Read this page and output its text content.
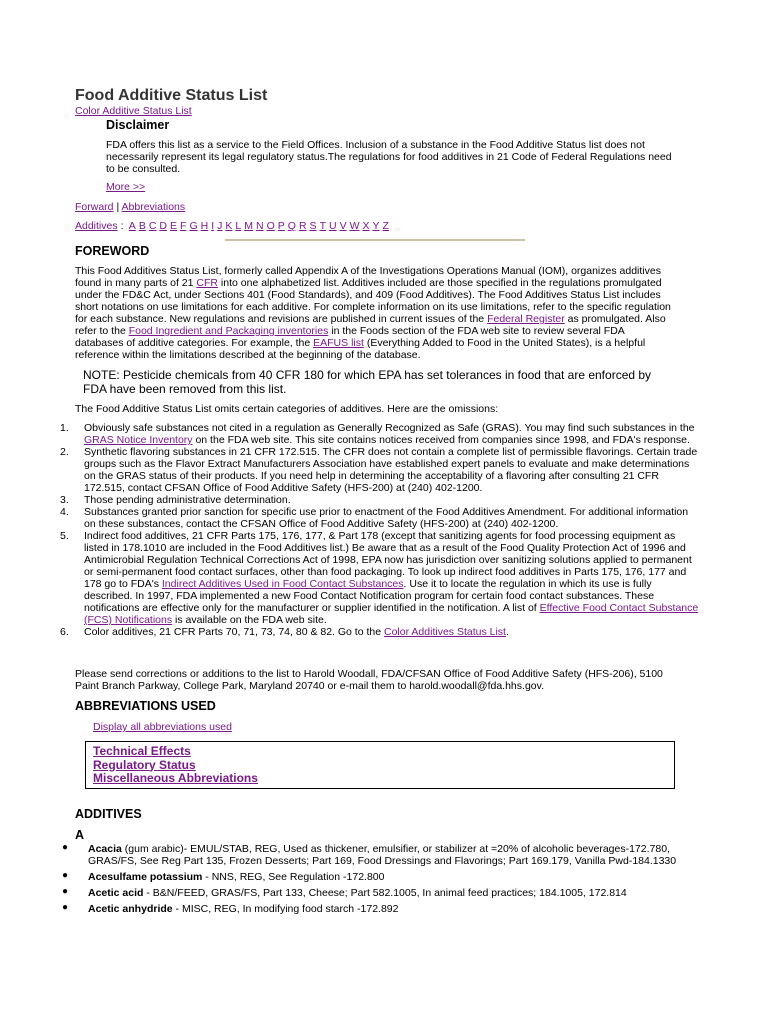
Food Additive Status List
Color Additive Status List
Disclaimer

FDA offers this list as a service to the Field Offices. Inclusion of a substance in the Food Additive Status list does not necessarily represent its legal regulatory status.The regulations for food additives in 21 Code of Federal Regulations need to be consulted.

More >>
Forward | Abbreviations
Additives : A B C D E F G H I J K L M N O P Q R S T U V W X Y Z
FOREWORD

This Food Additives Status List, formerly called Appendix A of the Investigations Operations Manual (IOM), organizes additives found in many parts of 21 CFR into one alphabetized list. Additives included are those specified in the regulations promulgated under the FD&C Act, under Sections 401 (Food Standards), and 409 (Food Additives). The Food Additives Status List includes short notations on use limitations for each additive. For complete information on its use limitations, refer to the specific regulation for each substance. New regulations and revisions are published in current issues of the Federal Register as promulgated. Also refer to the Food Ingredient and Packaging inventories in the Foods section of the FDA web site to review several FDA databases of additive categories. For example, the EAFUS list (Everything Added to Food in the United States), is a helpful reference within the limitations described at the beginning of the database.

NOTE: Pesticide chemicals from 40 CFR 180 for which EPA has set tolerances in food that are enforced by FDA have been removed from this list.

The Food Additive Status List omits certain categories of additives. Here are the omissions:

1. Obviously safe substances not cited in a regulation as Generally Recognized as Safe (GRAS). You may find such substances in the GRAS Notice Inventory on the FDA web site. This site contains notices received from companies since 1998, and FDA's response.
2. Synthetic flavoring substances in 21 CFR 172.515. The CFR does not contain a complete list of permissible flavorings. Certain trade groups such as the Flavor Extract Manufacturers Association have established expert panels to evaluate and make determinations on the GRAS status of their products. If you need help in determining the acceptability of a flavoring after consulting 21 CFR 172.515, contact CFSAN Office of Food Additive Safety (HFS-200) at (240) 402-1200.
3. Those pending administrative determination.
4. Substances granted prior sanction for specific use prior to enactment of the Food Additives Amendment. For additional information on these substances, contact the CFSAN Office of Food Additive Safety (HFS-200) at (240) 402-1200.
5. Indirect food additives, 21 CFR Parts 175, 176, 177, & Part 178 (except that sanitizing agents for food processing equipment as listed in 178.1010 are included in the Food Additives list.) Be aware that as a result of the Food Quality Protection Act of 1996 and Antimicrobial Regulation Technical Corrections Act of 1998, EPA now has jurisdiction over sanitizing solutions applied to permanent or semi-permanent food contact surfaces, other than food packaging. To look up indirect food additives in Parts 175, 176, 177 and 178 go to FDA's Indirect Additives Used in Food Contact Substances. Use it to locate the regulation in which its use is fully described. In 1997, FDA implemented a new Food Contact Notification program for certain food contact substances. These notifications are effective only for the manufacturer or supplier identified in the notification. A list of Effective Food Contact Substance (FCS) Notifications is available on the FDA web site.
6. Color additives, 21 CFR Parts 70, 71, 73, 74, 80 & 82. Go to the Color Additives Status List.

Please send corrections or additions to the list to Harold Woodall, FDA/CFSAN Office of Food Additive Safety (HFS-206), 5100 Paint Branch Parkway, College Park, Maryland 20740 or e-mail them to harold.woodall@fda.hhs.gov.

ABBREVIATIONS USED
Display all abbreviations used
Technical Effects
Regulatory Status
Miscellaneous Abbreviations
ADDITIVES
A
● Acacia (gum arabic)- EMUL/STAB, REG, Used as thickener, emulsifier, or stabilizer at =20% of alcoholic beverages-172.780, GRAS/FS, See Reg Part 135, Frozen Desserts; Part 169, Food Dressings and Flavorings; Part 169.179, Vanilla Pwd-184.1330
● Acesulfame potassium - NNS, REG, See Regulation -172.800
● Acetic acid - B&N/FEED, GRAS/FS, Part 133, Cheese; Part 582.1005, In animal feed practices; 184.1005, 172.814
● Acetic anhydride - MISC, REG, In modifying food starch -172.892
